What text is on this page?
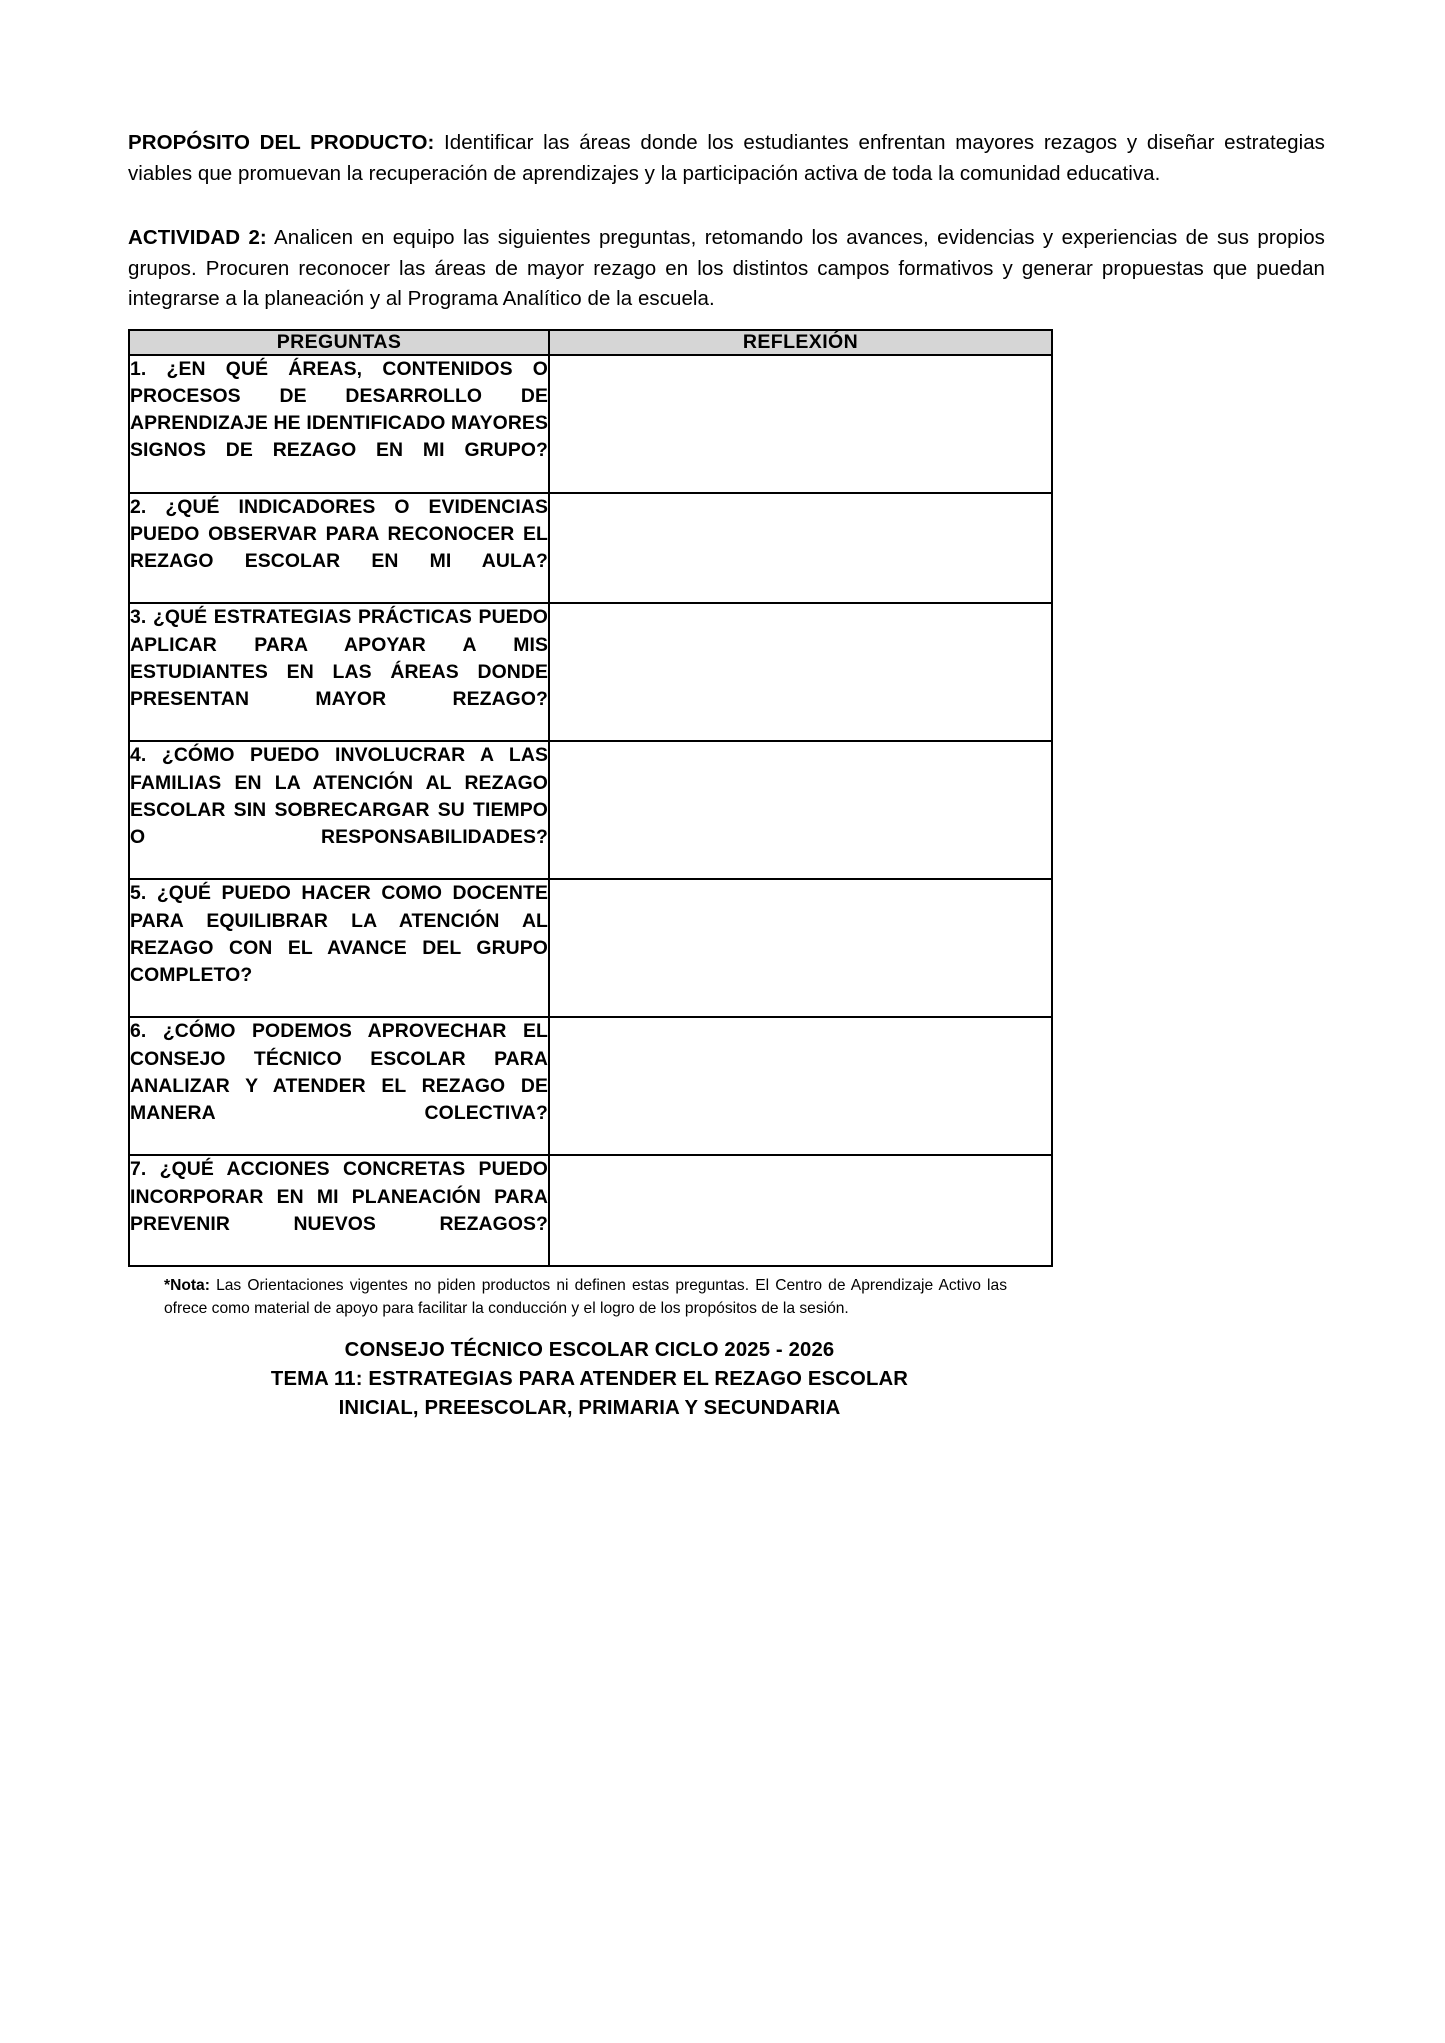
PROPÓSITO DEL PRODUCTO: Identificar las áreas donde los estudiantes enfrentan mayores rezagos y diseñar estrategias viables que promuevan la recuperación de aprendizajes y la participación activa de toda la comunidad educativa.

ACTIVIDAD 2: Analicen en equipo las siguientes preguntas, retomando los avances, evidencias y experiencias de sus propios grupos. Procuren reconocer las áreas de mayor rezago en los distintos campos formativos y generar propuestas que puedan integrarse a la planeación y al Programa Analítico de la escuela.

PREGUNTAS	REFLEXIÓN

1. ¿EN QUÉ ÁREAS, CONTENIDOS O PROCESOS DE DESARROLLO DE APRENDIZAJE HE IDENTIFICADO MAYORES SIGNOS DE REZAGO EN MI GRUPO?	

2. ¿QUÉ INDICADORES O EVIDENCIAS PUEDO OBSERVAR PARA RECONOCER EL REZAGO ESCOLAR EN MI AULA?	

3. ¿QUÉ ESTRATEGIAS PRÁCTICAS PUEDO APLICAR PARA APOYAR A MIS ESTUDIANTES EN LAS ÁREAS DONDE PRESENTAN MAYOR REZAGO?	

4. ¿CÓMO PUEDO INVOLUCRAR A LAS FAMILIAS EN LA ATENCIÓN AL REZAGO ESCOLAR SIN SOBRECARGAR SU TIEMPO O RESPONSABILIDADES?	

5. ¿QUÉ PUEDO HACER COMO DOCENTE PARA EQUILIBRAR LA ATENCIÓN AL REZAGO CON EL AVANCE DEL GRUPO COMPLETO?	

6. ¿CÓMO PODEMOS APROVECHAR EL CONSEJO TÉCNICO ESCOLAR PARA ANALIZAR Y ATENDER EL REZAGO DE MANERA COLECTIVA?	

7. ¿QUÉ ACCIONES CONCRETAS PUEDO INCORPORAR EN MI PLANEACIÓN PARA PREVENIR NUEVOS REZAGOS?	

*Nota: Las Orientaciones vigentes no piden productos ni definen estas preguntas. El Centro de Aprendizaje Activo las ofrece como material de apoyo para facilitar la conducción y el logro de los propósitos de la sesión.

CONSEJO TÉCNICO ESCOLAR CICLO 2025 - 2026
TEMA 11: ESTRATEGIAS PARA ATENDER EL REZAGO ESCOLAR
INICIAL, PREESCOLAR, PRIMARIA Y SECUNDARIA
